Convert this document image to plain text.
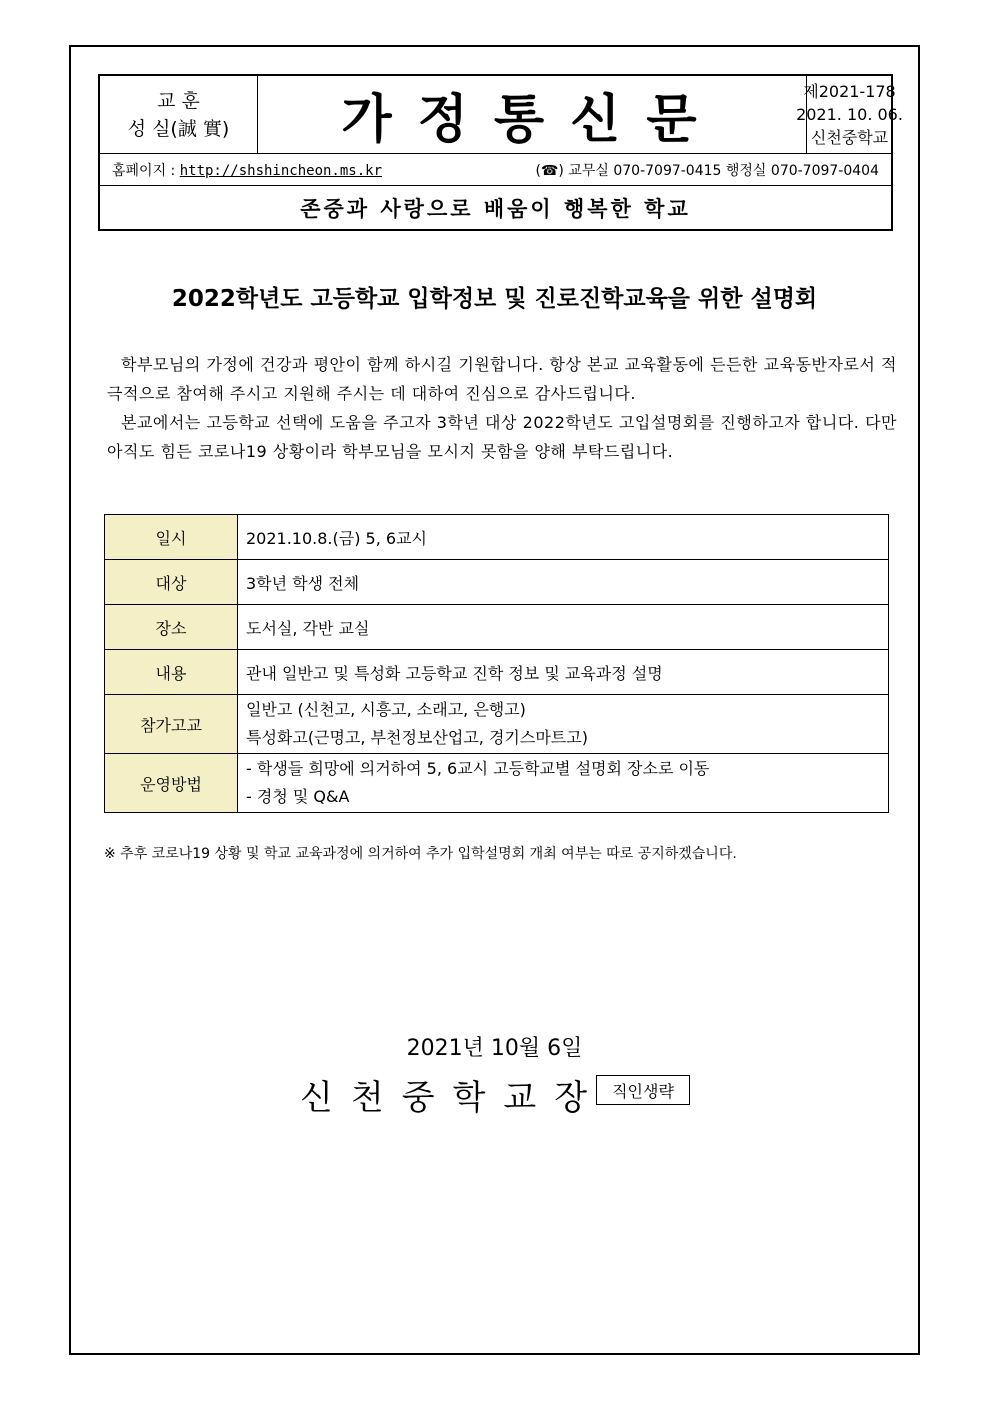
교 훈
성 실(誠 實)	가정통신문	제2021-178
2021. 10. 06.
신천중학교
홈페이지 : http://shshincheon.ms.kr	(☎) 교무실 070-7097-0415 행정실 070-7097-0404
존중과 사랑으로 배움이 행복한 학교
2022학년도 고등학교 입학정보 및 진로진학교육을 위한 설명회

학부모님의 가정에 건강과 평안이 함께 하시길 기원합니다. 항상 본교 교육활동에 든든한 교육동반자로서 적극적으로 참여해 주시고 지원해 주시는 데 대하여 진심으로 감사드립니다.

본교에서는 고등학교 선택에 도움을 주고자 3학년 대상 2022학년도 고입설명회를 진행하고자 합니다. 다만 아직도 힘든 코로나19 상황이라 학부모님을 모시지 못함을 양해 부탁드립니다.

일시	2021.10.8.(금) 5, 6교시
대상	3학년 학생 전체
장소	도서실, 각반 교실
내용	관내 일반고 및 특성화 고등학교 진학 정보 및 교육과정 설명
참가고교	일반고 (신천고, 시흥고, 소래고, 은행고)
특성화고(근명고, 부천정보산업고, 경기스마트고)

운영방법	- 학생들 희망에 의거하여 5, 6교시 고등학교별 설명회 장소로 이동
- 경청 및 Q&A
※ 추후 코로나19 상황 및 학교 교육과정에 의거하여 추가 입학설명회 개최 여부는 따로 공지하겠습니다.
2021년 10월 6일
신천중학교장 직인생략
